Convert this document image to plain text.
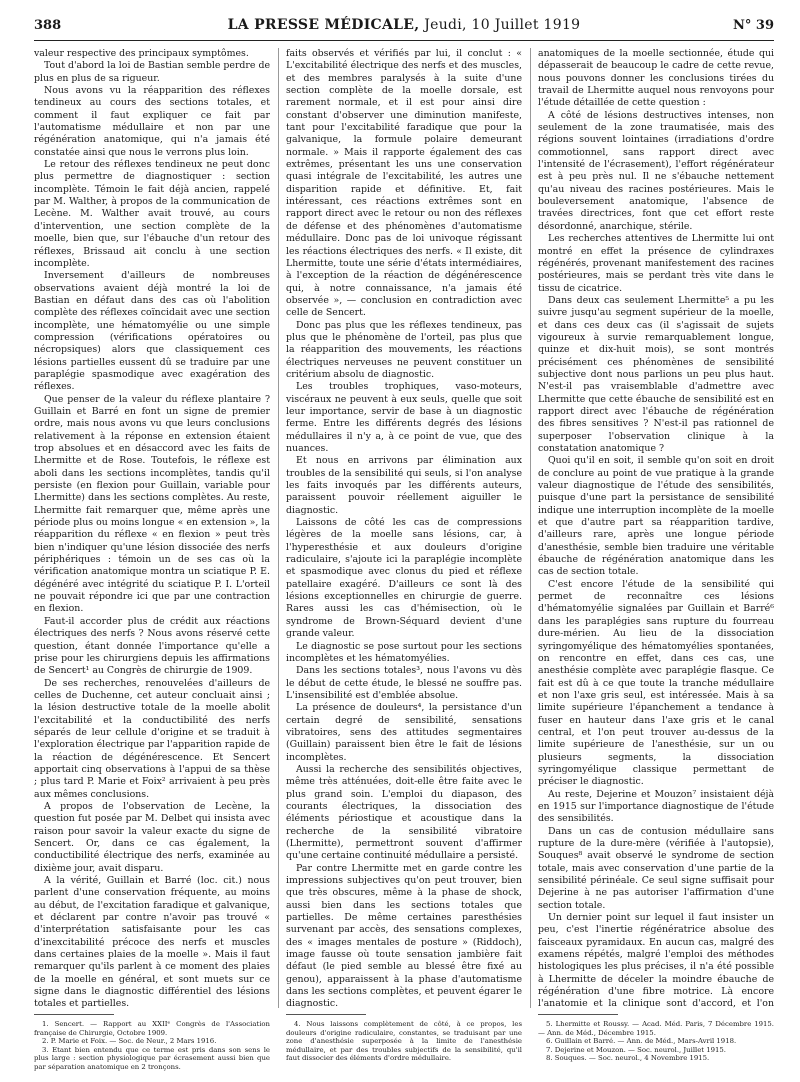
388	LA PRESSE MÉDICALE, Jeudi, 10 Juillet 1919	N° 39

valeur respective des principaux symptômes.

Tout d'abord la loi de Bastian semble perdre de plus en plus de sa rigueur.

Nous avons vu la réapparition des réflexes tendineux au cours des sections totales, et comment il faut expliquer ce fait par l'automatisme médullaire et non par une régénération anatomique, qui n'a jamais été constatée ainsi que nous le verrons plus loin.

Le retour des réflexes tendineux ne peut donc plus permettre de diagnostiquer : section incomplète. Témoin le fait déjà ancien, rappelé par M. Walther, à propos de la communication de Lecène. M. Walther avait trouvé, au cours d'intervention, une section complète de la moelle, bien que, sur l'ébauche d'un retour des réflexes, Brissaud ait conclu à une section incomplète.

Inversement d'ailleurs de nombreuses observations avaient déjà montré la loi de Bastian en défaut dans des cas où l'abolition complète des réflexes coïncidait avec une section incomplète, une hématomyélie ou une simple compression (vérifications opératoires ou nécropsiques) alors que classiquement ces lésions partielles eussent dû se traduire par une paraplégie spasmodique avec exagération des réflexes.

Que penser de la valeur du réflexe plantaire ? Guillain et Barré en font un signe de premier ordre, mais nous avons vu que leurs conclusions relativement à la réponse en extension étaient trop absolues et en désaccord avec les faits de Lhermitte et de Rose. Toutefois, le réflexe est aboli dans les sections incomplètes, tandis qu'il persiste (en flexion pour Guillain, variable pour Lhermitte) dans les sections complètes. Au reste, Lhermitte fait remarquer que, même après une période plus ou moins longue « en extension », la réapparition du réflexe « en flexion » peut très bien n'indiquer qu'une lésion dissociée des nerfs périphériques : témoin un de ses cas où la vérification anatomique montra un sciatique P. E. dégénéré avec intégrité du sciatique P. I. L'orteil ne pouvait répondre ici que par une contraction en flexion.

Faut-il accorder plus de crédit aux réactions électriques des nerfs ? Nous avons réservé cette question, étant donnée l'importance qu'elle a prise pour les chirurgiens depuis les affirmations de Sencert¹ au Congrès de chirurgie de 1909.

De ses recherches, renouvelées d'ailleurs de celles de Duchenne, cet auteur concluait ainsi ; la lésion destructive totale de la moelle abolit l'excitabilité et la conductibilité des nerfs séparés de leur cellule d'origine et se traduit à l'exploration électrique par l'apparition rapide de la réaction de dégénérescence. Et Sencert apportait cinq observations à l'appui de sa thèse ; plus tard P. Marie et Foix² arrivaient à peu près aux mêmes conclusions.

A propos de l'observation de Lecène, la question fut posée par M. Delbet qui insista avec raison pour savoir la valeur exacte du signe de Sencert. Or, dans ce cas également, la conductibilité électrique des nerfs, examinée au dixième jour, avait disparu.

A la vérité, Guillain et Barré (loc. cit.) nous parlent d'une conservation fréquente, au moins au début, de l'excitation faradique et galvanique, et déclarent par contre n'avoir pas trouvé « d'interprétation satisfaisante pour les cas d'inexcitabilité précoce des nerfs et muscles dans certaines plaies de la moelle ». Mais il faut remarquer qu'ils parlent à ce moment des plaies de la moelle en général, et sont muets sur ce signe dans le diagnostic différentiel des lésions totales et partielles.

faits observés et vérifiés par lui, il conclut : « L'excitabilité électrique des nerfs et des muscles, et des membres paralysés à la suite d'une section complète de la moelle dorsale, est rarement normale, et il est pour ainsi dire constant d'observer une diminution manifeste, tant pour l'excitabilité faradique que pour la galvanique, la formule polaire demeurant normale. » Mais il rapporte également des cas extrêmes, présentant les uns une conservation quasi intégrale de l'excitabilité, les autres une disparition rapide et définitive. Et, fait intéressant, ces réactions extrêmes sont en rapport direct avec le retour ou non des réflexes de défense et des phénomènes d'automatisme médullaire. Donc pas de loi univoque régissant les réactions électriques des nerfs. « Il existe, dit Lhermitte, toute une série d'états intermédiaires, à l'exception de la réaction de dégénérescence qui, à notre connaissance, n'a jamais été observée », — conclusion en contradiction avec celle de Sencert.

Donc pas plus que les réflexes tendineux, pas plus que le phénomène de l'orteil, pas plus que la réapparition des mouvements, les réactions électriques nerveuses ne peuvent constituer un critérium absolu de diagnostic.

Les troubles trophiques, vaso-moteurs, viscéraux ne peuvent à eux seuls, quelle que soit leur importance, servir de base à un diagnostic ferme. Entre les différents degrés des lésions médullaires il n'y a, à ce point de vue, que des nuances.

Et nous en arrivons par élimination aux troubles de la sensibilité qui seuls, si l'on analyse les faits invoqués par les différents auteurs, paraissent pouvoir réellement aiguiller le diagnostic.

Laissons de côté les cas de compressions légères de la moelle sans lésions, car, à l'hyperesthésie et aux douleurs d'origine radiculaire, s'ajoute ici la paraplégie incomplète et spasmodique avec clonus du pied et réflexe patellaire exagéré. D'ailleurs ce sont là des lésions exceptionnelles en chirurgie de guerre. Rares aussi les cas d'hémisection, où le syndrome de Brown-Séquard devient d'une grande valeur.

Le diagnostic se pose surtout pour les sections incomplètes et les hématomyélies.

Dans les sections totales³, nous l'avons vu dès le début de cette étude, le blessé ne souffre pas. L'insensibilité est d'emblée absolue.

La présence de douleurs⁴, la persistance d'un certain degré de sensibilité, sensations vibratoires, sens des attitudes segmentaires (Guillain) paraissent bien être le fait de lésions incomplètes.

Aussi la recherche des sensibilités objectives, même très atténuées, doit-elle être faite avec le plus grand soin. L'emploi du diapason, des courants électriques, la dissociation des éléments périostique et acoustique dans la recherche de la sensibilité vibratoire (Lhermitte), permettront souvent d'affirmer qu'une certaine continuité médullaire a persisté.

Par contre Lhermitte met en garde contre les impressions subjectives qu'on peut trouver, bien que très obscures, même à la phase de shock, aussi bien dans les sections totales que partielles. De même certaines paresthésies survenant par accès, des sensations complexes, des « images mentales de posture » (Riddoch), image fausse où toute sensation jambière fait défaut (le pied semble au blessé être fixé au genou), apparaissent à la phase d'automatisme dans les sections complètes, et peuvent égarer le diagnostic.

anatomiques de la moelle sectionnée, étude qui dépasserait de beaucoup le cadre de cette revue, nous pouvons donner les conclusions tirées du travail de Lhermitte auquel nous renvoyons pour l'étude détaillée de cette question :

A côté de lésions destructives intenses, non seulement de la zone traumatisée, mais des régions souvent lointaines (irradiations d'ordre commotionnel, sans rapport direct avec l'intensité de l'écrasement), l'effort régénérateur est à peu près nul. Il ne s'ébauche nettement qu'au niveau des racines postérieures. Mais le bouleversement anatomique, l'absence de travées directrices, font que cet effort reste désordonné, anarchique, stérile.

Les recherches attentives de Lhermitte lui ont montré en effet la présence de cylindraxes régénérés, provenant manifestement des racines postérieures, mais se perdant très vite dans le tissu de cicatrice.

Dans deux cas seulement Lhermitte⁵ a pu les suivre jusqu'au segment supérieur de la moelle, et dans ces deux cas (il s'agissait de sujets vigoureux à survie remarquablement longue, quinze et dix-huit mois), se sont montrés précisément ces phénomènes de sensibilité subjective dont nous parlions un peu plus haut. N'est-il pas vraisemblable d'admettre avec Lhermitte que cette ébauche de sensibilité est en rapport direct avec l'ébauche de régénération des fibres sensitives ? N'est-il pas rationnel de superposer l'observation clinique à la constatation anatomique ?

Quoi qu'il en soit, il semble qu'on soit en droit de conclure au point de vue pratique à la grande valeur diagnostique de l'étude des sensibilités, puisque d'une part la persistance de sensibilité indique une interruption incomplète de la moelle et que d'autre part sa réapparition tardive, d'ailleurs rare, après une longue période d'anesthésie, semble bien traduire une véritable ébauche de régénération anatomique dans les cas de section totale.

C'est encore l'étude de la sensibilité qui permet de reconnaître ces lésions d'hématomyélie signalées par Guillain et Barré⁶ dans les paraplégies sans rupture du fourreau dure-mérien. Au lieu de la dissociation syringomyélique des hématomyélies spontanées, on rencontre en effet, dans ces cas, une anesthésie complète avec paraplégie flasque. Ce fait est dû à ce que toute la tranche médullaire et non l'axe gris seul, est intéressée. Mais à sa limite supérieure l'épanchement a tendance à fuser en hauteur dans l'axe gris et le canal central, et l'on peut trouver au-dessus de la limite supérieure de l'anesthésie, sur un ou plusieurs segments, la dissociation syringomyélique classique permettant de préciser le diagnostic.

Au reste, Dejerine et Mouzon⁷ insistaient déjà en 1915 sur l'importance diagnostique de l'étude des sensibilités.

Dans un cas de contusion médullaire sans rupture de la dure-mère (vérifiée à l'autopsie), Souques⁸ avait observé le syndrome de section totale, mais avec conservation d'une partie de la sensibilité périnéale. Ce seul signe suffisait pour Dejerine à ne pas autoriser l'affirmation d'une section totale.

Un dernier point sur lequel il faut insister un peu, c'est l'inertie régénératrice absolue des faisceaux pyramidaux. En aucun cas, malgré des examens répétés, malgré l'emploi des méthodes histologiques les plus précises, il n'a été possible à Lhermitte de déceler la moindre ébauche de régénération d'une fibre motrice. Là encore l'anatomie et la clinique sont d'accord, et l'on

1. Sencert. — Rapport au XXIIᵉ Congrès de l'Association française de Chirurgie, Octobre 1909.

2. P. Marie et Foix. — Soc. de Neur., 2 Mars 1916.

3. Etant bien entendu que ce terme est pris dans son sens le plus large : section physiologique par écrasement aussi bien que par séparation anatomique en 2 tronçons.

4. Nous laissons complètement de côté, à ce propos, les douleurs d'origine radiculaire, constantes, se traduisant par une zone d'anesthésie superposée à la limite de l'anesthésie médullaire, et par des troubles subjectifs de la sensibilité, qu'il faut dissocier des éléments d'ordre médullaire.

5. Lhermitte et Roussy. — Acad. Méd. Paris, 7 Décembre 1915. — Ann. de Méd., Décembre 1915.

6. Guillain et Barré. — Ann. de Méd., Mars-Avril 1918.

7. Dejerine et Mouzon. — Soc. neurol., Juillet 1915.

8. Souques. — Soc. neurol., 4 Novembre 1915.
